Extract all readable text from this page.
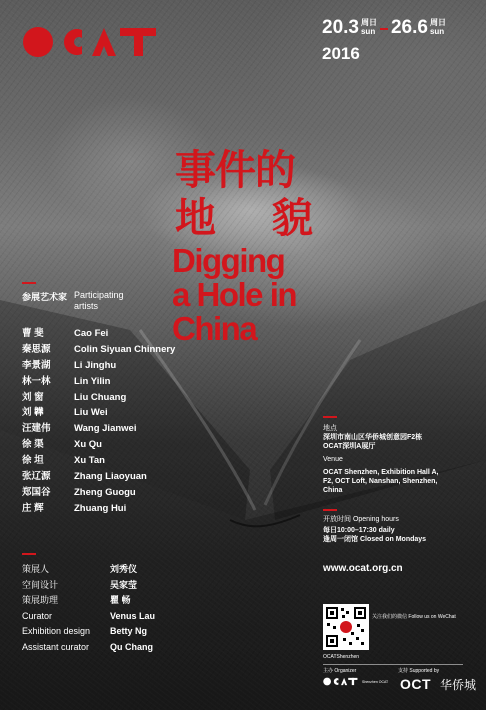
20.3 周日
sun 26.6 周日
sun
2016
事件的
地 貌
Digging
a Hole in
China
参展艺术家 Participating
artists
曹 斐	Cao Fei
秦思源	Colin Siyuan Chinnery
李景湖	Li Jinghu
林一林	Lin Yilin
刘 窗	Liu Chuang
刘 韡	Liu Wei
汪建伟	Wang Jianwei
徐 渠	Xu Qu
徐 坦	Xu Tan
张辽源	Zhang Liaoyuan
郑国谷	Zheng Guogu
庄 辉	Zhuang Hui
地点
深圳市南山区华侨城创意园F2栋
OCAT深圳A展厅
Venue
OCAT Shenzhen, Exhibition Hall A,
F2, OCT Loft, Nanshan, Shenzhen,
China
开放时间 Opening hours
每日10:00–17:30 daily
逢周一闭馆 Closed on Mondays
www.ocat.org.cn
策展人	刘秀仪
空间设计	吴家莹
策展助理	瞿 畅
Curator	Venus Lau
Exhibition design	Betty Ng
Assistant curator	Qu Chang
关注我们的微信 Follow us on WeChat
OCATShenzhen
主办 Organizer	支持 Supported by
Shenzhen OCAT OCT 华侨城
